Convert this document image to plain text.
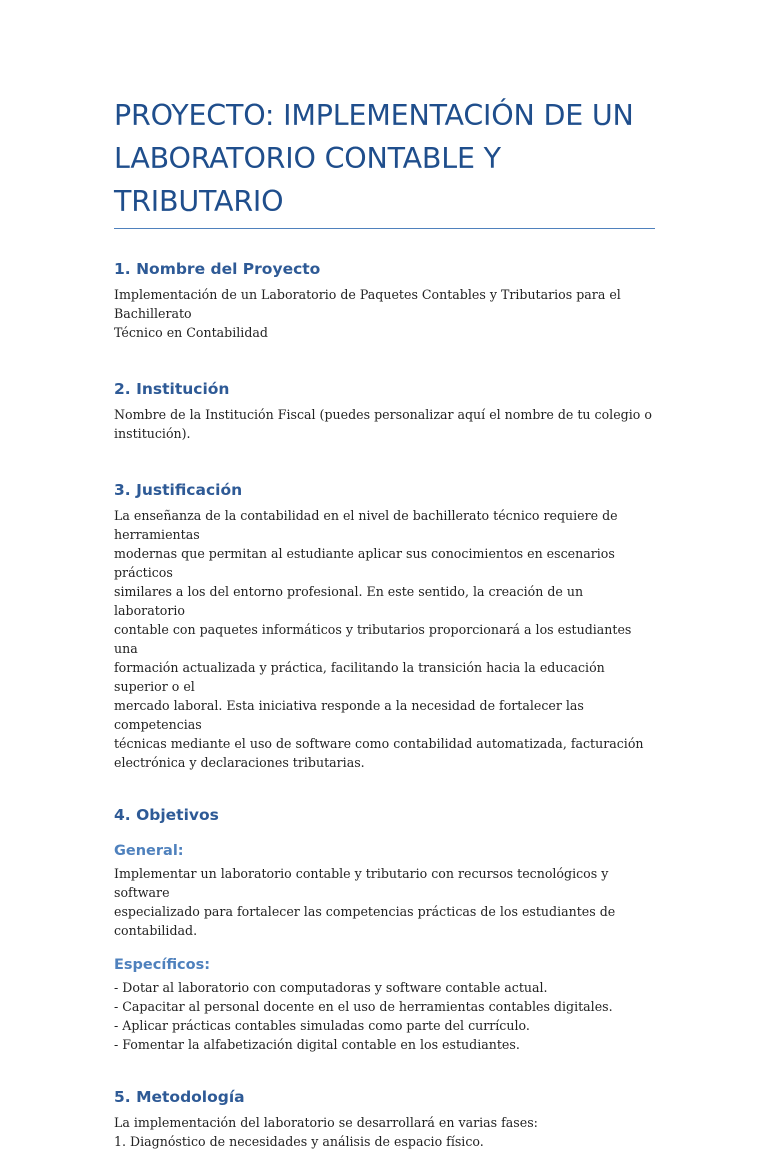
PROYECTO: IMPLEMENTACIÓN DE UN
LABORATORIO CONTABLE Y TRIBUTARIO
1. Nombre del Proyecto
Implementación de un Laboratorio de Paquetes Contables y Tributarios para el Bachillerato
Técnico en Contabilidad
2. Institución
Nombre de la Institución Fiscal (puedes personalizar aquí el nombre de tu colegio o
institución).
3. Justificación
La enseñanza de la contabilidad en el nivel de bachillerato técnico requiere de herramientas
modernas que permitan al estudiante aplicar sus conocimientos en escenarios prácticos
similares a los del entorno profesional. En este sentido, la creación de un laboratorio
contable con paquetes informáticos y tributarios proporcionará a los estudiantes una
formación actualizada y práctica, facilitando la transición hacia la educación superior o el
mercado laboral. Esta iniciativa responde a la necesidad de fortalecer las competencias
técnicas mediante el uso de software como contabilidad automatizada, facturación
electrónica y declaraciones tributarias.
4. Objetivos
General:
Implementar un laboratorio contable y tributario con recursos tecnológicos y software
especializado para fortalecer las competencias prácticas de los estudiantes de contabilidad.
Específicos:
- Dotar al laboratorio con computadoras y software contable actual.
- Capacitar al personal docente en el uso de herramientas contables digitales.
- Aplicar prácticas contables simuladas como parte del currículo.
- Fomentar la alfabetización digital contable en los estudiantes.
5. Metodología
La implementación del laboratorio se desarrollará en varias fases:
1. Diagnóstico de necesidades y análisis de espacio físico.
